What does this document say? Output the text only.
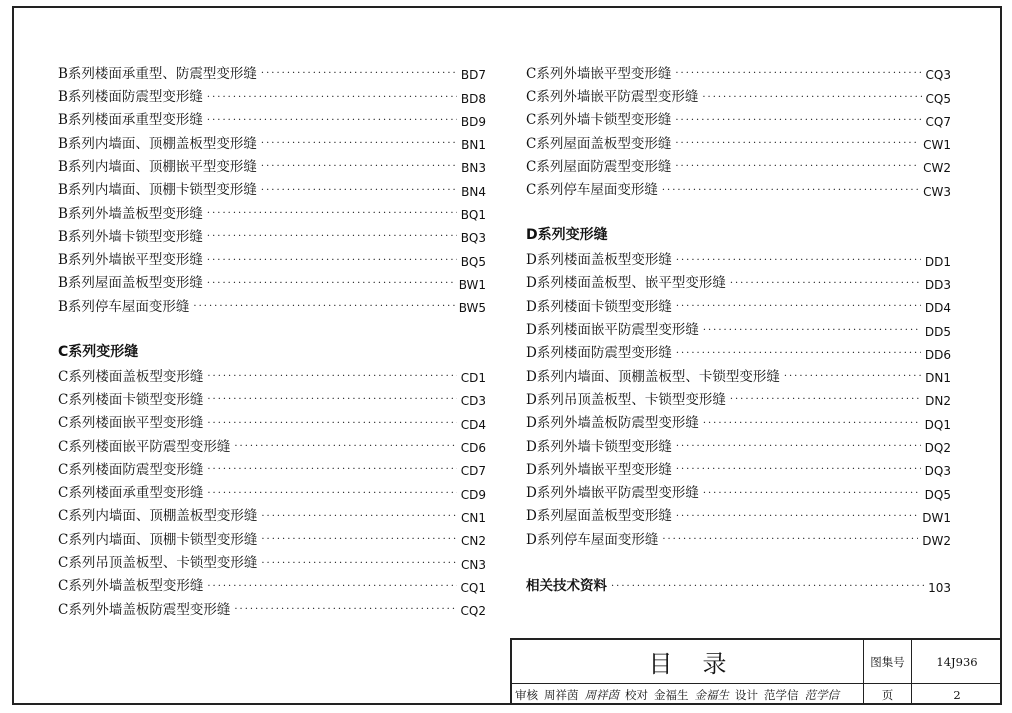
B系列楼面承重型、防震型变形缝 ·····	BD7
B系列楼面防震型变形缝 ·····	BD8
B系列楼面承重型变形缝 ·····	BD9
B系列内墙面、顶棚盖板型变形缝 ·····	BN1
B系列内墙面、顶棚嵌平型变形缝 ·····	BN3
B系列内墙面、顶棚卡锁型变形缝 ·····	BN4
B系列外墙盖板型变形缝 ·····	BQ1
B系列外墙卡锁型变形缝 ·····	BQ3
B系列外墙嵌平型变形缝 ·····	BQ5
B系列屋面盖板型变形缝 ·····	BW1
B系列停车屋面变形缝 ·····	BW5
C系列变形缝
C系列楼面盖板型变形缝 ·····	CD1
C系列楼面卡锁型变形缝 ·····	CD3
C系列楼面嵌平型变形缝 ·····	CD4
C系列楼面嵌平防震型变形缝 ·····	CD6
C系列楼面防震型变形缝 ·····	CD7
C系列楼面承重型变形缝 ·····	CD9
C系列内墙面、顶棚盖板型变形缝 ·····	CN1
C系列内墙面、顶棚卡锁型变形缝 ·····	CN2
C系列吊顶盖板型、卡锁型变形缝 ·····	CN3
C系列外墙盖板型变形缝 ·····	CQ1
C系列外墙盖板防震型变形缝 ·····	CQ2
C系列外墙嵌平型变形缝 ·····	CQ3
C系列外墙嵌平防震型变形缝 ·····	CQ5
C系列外墙卡锁型变形缝 ·····	CQ7
C系列屋面盖板型变形缝 ·····	CW1
C系列屋面防震型变形缝 ·····	CW2
C系列停车屋面变形缝 ·····	CW3
D系列变形缝
D系列楼面盖板型变形缝 ·····	DD1
D系列楼面盖板型、嵌平型变形缝 ·····	DD3
D系列楼面卡锁型变形缝 ·····	DD4
D系列楼面嵌平防震型变形缝 ·····	DD5
D系列楼面防震型变形缝 ·····	DD6
D系列内墙面、顶棚盖板型、卡锁型变形缝 ·····	DN1
D系列吊顶盖板型、卡锁型变形缝 ·····	DN2
D系列外墙盖板防震型变形缝 ·····	DQ1
D系列外墙卡锁型变形缝 ·····	DQ2
D系列外墙嵌平型变形缝 ·····	DQ3
D系列外墙嵌平防震型变形缝 ·····	DQ5
D系列屋面盖板型变形缝 ·····	DW1
D系列停车屋面变形缝 ·····	DW2
相关技术资料 ·····	103
目录	图集号	14J936
审核 周祥茵 周祥茵 校对 金福生 金福生 设计 范学信 范学信	页	2
